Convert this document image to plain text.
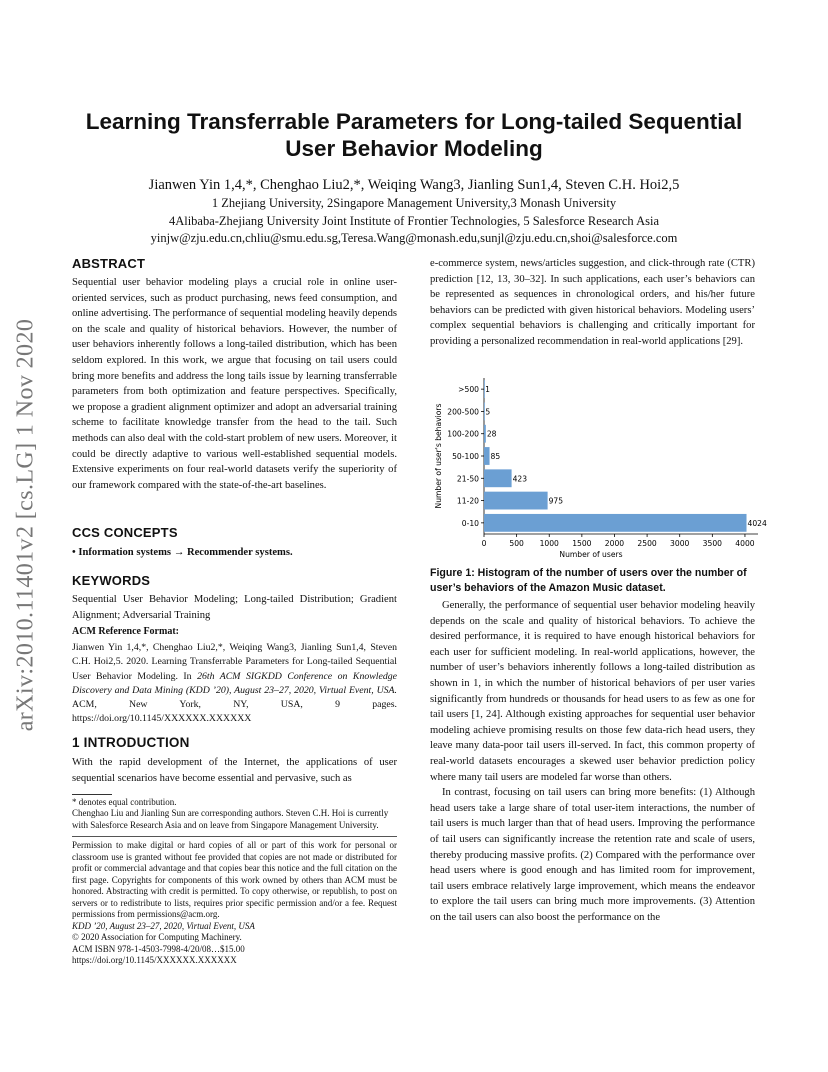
arXiv:2010.11401v2 [cs.LG] 1 Nov 2020
Learning Transferrable Parameters for Long-tailed Sequential
User Behavior Modeling
Jianwen Yin 1,4,*, Chenghao Liu2,*, Weiqing Wang3, Jianling Sun1,4, Steven C.H. Hoi2,5
1 Zhejiang University, 2Singapore Management University,3 Monash University
4Alibaba-Zhejiang University Joint Institute of Frontier Technologies, 5 Salesforce Research Asia
yinjw@zju.edu.cn,chliu@smu.edu.sg,Teresa.Wang@monash.edu,sunjl@zju.edu.cn,shoi@salesforce.com
ABSTRACT
Sequential user behavior modeling plays a crucial role in online user-oriented services, such as product purchasing, news feed consumption, and online advertising. The performance of sequential modeling heavily depends on the scale and quality of historical behaviors. However, the number of user behaviors inherently follows a long-tailed distribution, which has been seldom explored. In this work, we argue that focusing on tail users could bring more benefits and address the long tails issue by learning transferrable parameters from both optimization and feature perspectives. Specifically, we propose a gradient alignment optimizer and adopt an adversarial training scheme to facilitate knowledge transfer from the head to the tail. Such methods can also deal with the cold-start problem of new users. Moreover, it could be directly adaptive to various well-established sequential models. Extensive experiments on four real-world datasets verify the superiority of our framework compared with the state-of-the-art baselines.
CCS CONCEPTS
• Information systems → Recommender systems.
KEYWORDS
Sequential User Behavior Modeling; Long-tailed Distribution; Gradient Alignment; Adversarial Training
ACM Reference Format:
Jianwen Yin 1,4,*, Chenghao Liu2,*, Weiqing Wang3, Jianling Sun1,4, Steven C.H. Hoi2,5. 2020. Learning Transferrable Parameters for Long-tailed Sequential User Behavior Modeling. In 26th ACM SIGKDD Conference on Knowledge Discovery and Data Mining (KDD ’20), August 23–27, 2020, Virtual Event, USA. ACM, New York, NY, USA, 9 pages. https://doi.org/10.1145/XXXXXX.XXXXXX
1 INTRODUCTION
With the rapid development of the Internet, the applications of user sequential scenarios have become essential and pervasive, such as
* denotes equal contribution.
Chenghao Liu and Jianling Sun are corresponding authors. Steven C.H. Hoi is currently with Salesforce Research Asia and on leave from Singapore Management University.

Permission to make digital or hard copies of all or part of this work for personal or classroom use is granted without fee provided that copies are not made or distributed for profit or commercial advantage and that copies bear this notice and the full citation on the first page. Copyrights for components of this work owned by others than ACM must be honored. Abstracting with credit is permitted. To copy otherwise, or republish, to post on servers or to redistribute to lists, requires prior specific permission and/or a fee. Request permissions from permissions@acm.org.

KDD ’20, August 23–27, 2020, Virtual Event, USA

© 2020 Association for Computing Machinery.

ACM ISBN 978-1-4503-7998-4/20/08…$15.00

https://doi.org/10.1145/XXXXXX.XXXXXX

e-commerce system, news/articles suggestion, and click-through rate (CTR) prediction [12, 13, 30–32]. In such applications, each user’s behaviors can be represented as sequences in chronological orders, and his/her future behaviors can be predicted with given historical behaviors. Modeling users’ complex sequential behaviors is challenging and critically important for providing a personalized recommendation in real-world applications [29].
0-10	4024
11-20	975
21-50	423
50-100 85
100-200 28
200-500 5
>500 1
0	500 1000 1500 2000 2500 3000 3500 4000
Number of users
Number of user's behaviors
Figure 1: Histogram of the number of users over the number of user’s behaviors of the Amazon Music dataset.

Generally, the performance of sequential user behavior modeling heavily depends on the scale and quality of historical behaviors. To achieve the desired performance, it is required to have enough historical behaviors for each user for sufficient modeling. In real-world applications, however, the number of user’s behaviors inherently follows a long-tailed distribution as shown in 1, in which the number of historical behaviors of per user varies significantly from hundreds or thousands for head users to as few as one for tail users [1, 24]. Although existing approaches for sequential user behavior modeling achieve promising results on those few data-rich head users, they leave many data-poor tail users ill-served. In fact, this common property of real-world datasets encourages a skewed user behavior prediction policy where many tail users are modeled far worse than others.

In contrast, focusing on tail users can bring more benefits: (1) Although head users take a large share of total user-item interactions, the number of tail users is much larger than that of head users. Improving the performance of tail users can significantly increase the retention rate and scale of users, thereby producing massive profits. (2) Compared with the performance over head users where is good enough and has limited room for improvement, tail users embrace relatively large improvement, which means the endeavor to explore the tail users can bring much more improvements. (3) Attention on the tail users can also boost the performance on the
